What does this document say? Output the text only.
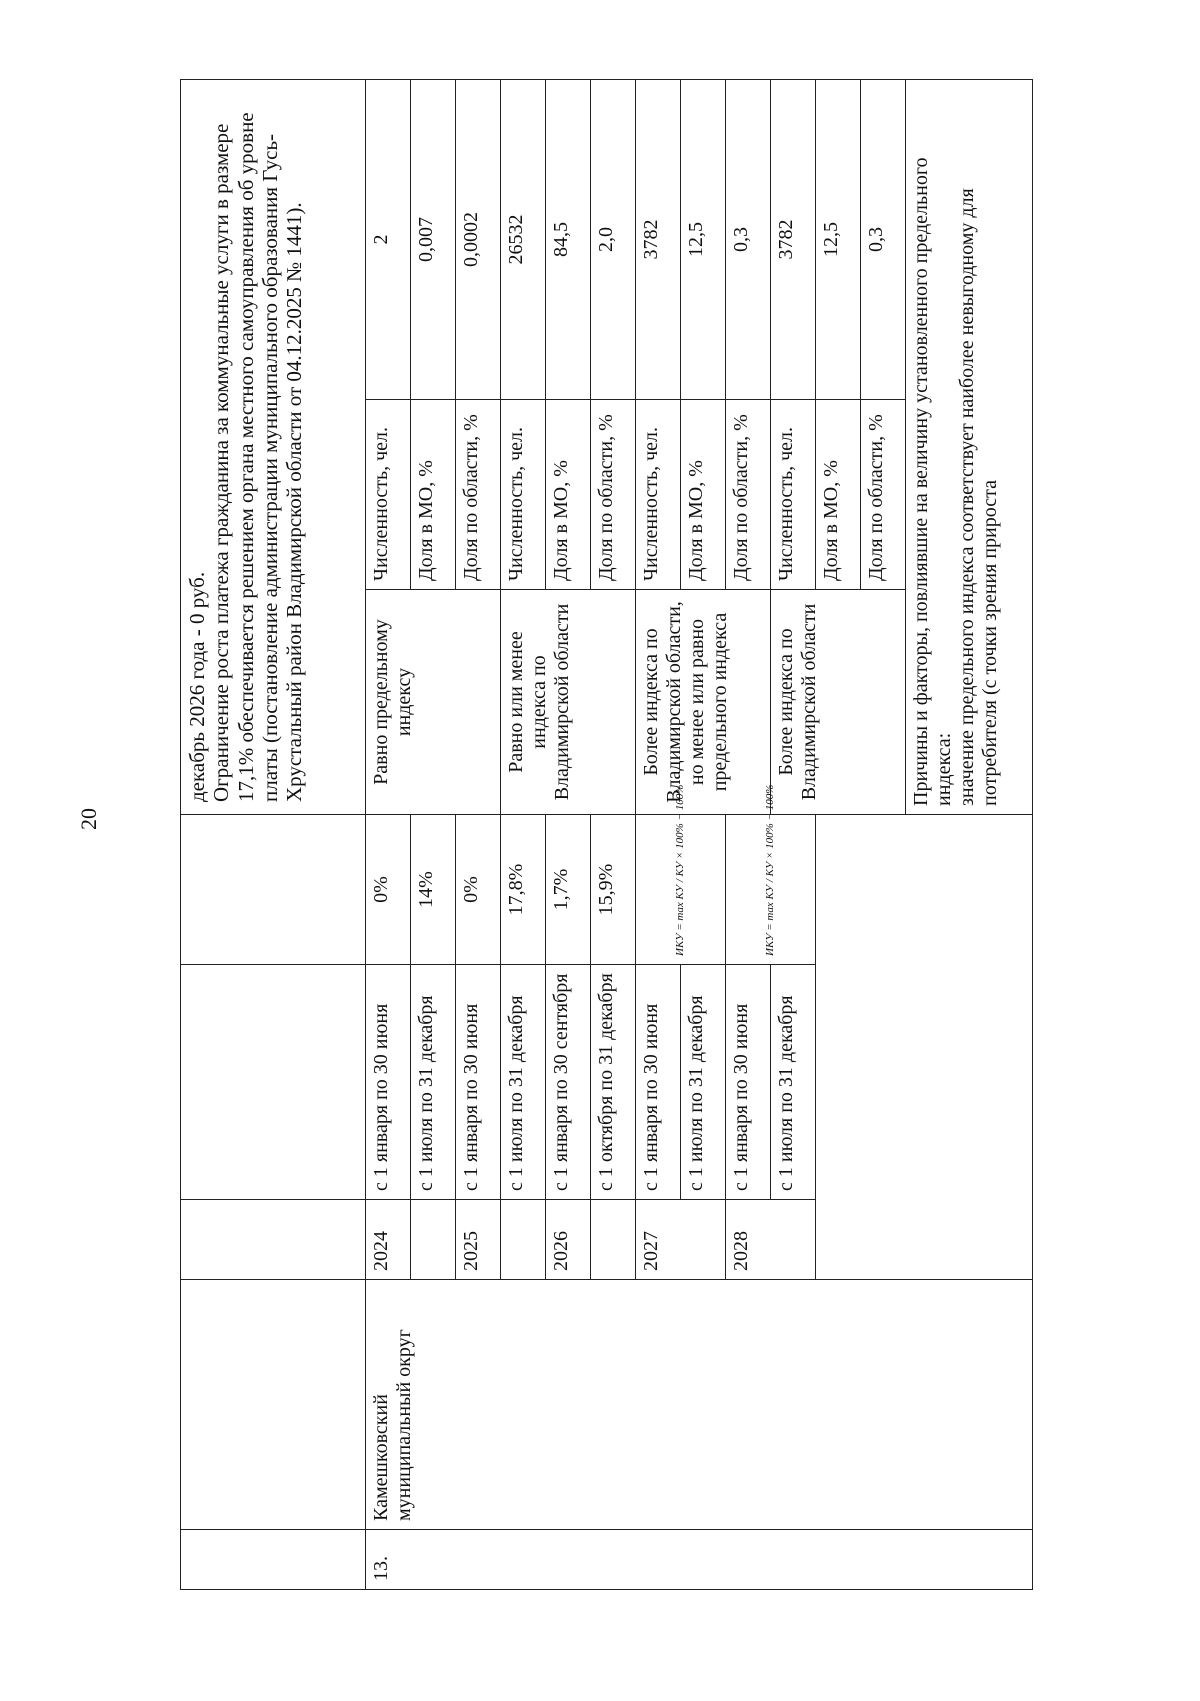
20

					декабрь 2026 года - 0 руб.
Ограничение роста платежа гражданина за коммунальные услуги в размере 17,1% обеспечивается решением органа местного самоуправления об уровне платы (постановление администрации муниципального образования Гусь-Хрустальный район Владимирской области от 04.12.2025 № 1441).		

13.	Камешковский муниципальный округ	2024	с 1 января по 30 июня	0%	Равно предельному индексу	Численность, чел.	2
			с 1 июля по 31 декабря	14%		Доля в МО, %	0,007
		2025	с 1 января по 30 июня	0%		Доля по области, %	0,0002
			с 1 июля по 31 декабря	17,8%	Равно или менее индекса по Владимирской области	Численность, чел.	26532
		2026	с 1 января по 30 сентября	1,7%		Доля в МО, %	84,5
			с 1 октября по 31 декабря	15,9%		Доля по области, %	2,0
		2027	с 1 января по 30 июня	ИКУ = max КУ / КУ × 100% − 100%	Более индекса по Владимирской области, но менее или равно предельного индекса	Численность, чел.	3782
			с 1 июля по 31 декабря			Доля в МО, %	12,5
		2028	с 1 января по 30 июня	ИКУ = max КУ / КУ × 100% − 100%		Доля по области, %	0,3
			с 1 июля по 31 декабря		Более индекса по Владимирской области	Численность, чел.	3782
						Доля в МО, %	12,5
						Доля по области, %	0,3

					Причины и факторы, повлиявшие на величину установленного предельного индекса:
значение предельного индекса соответствует наиболее невыгодному для потребителя (с точки зрения прироста		
